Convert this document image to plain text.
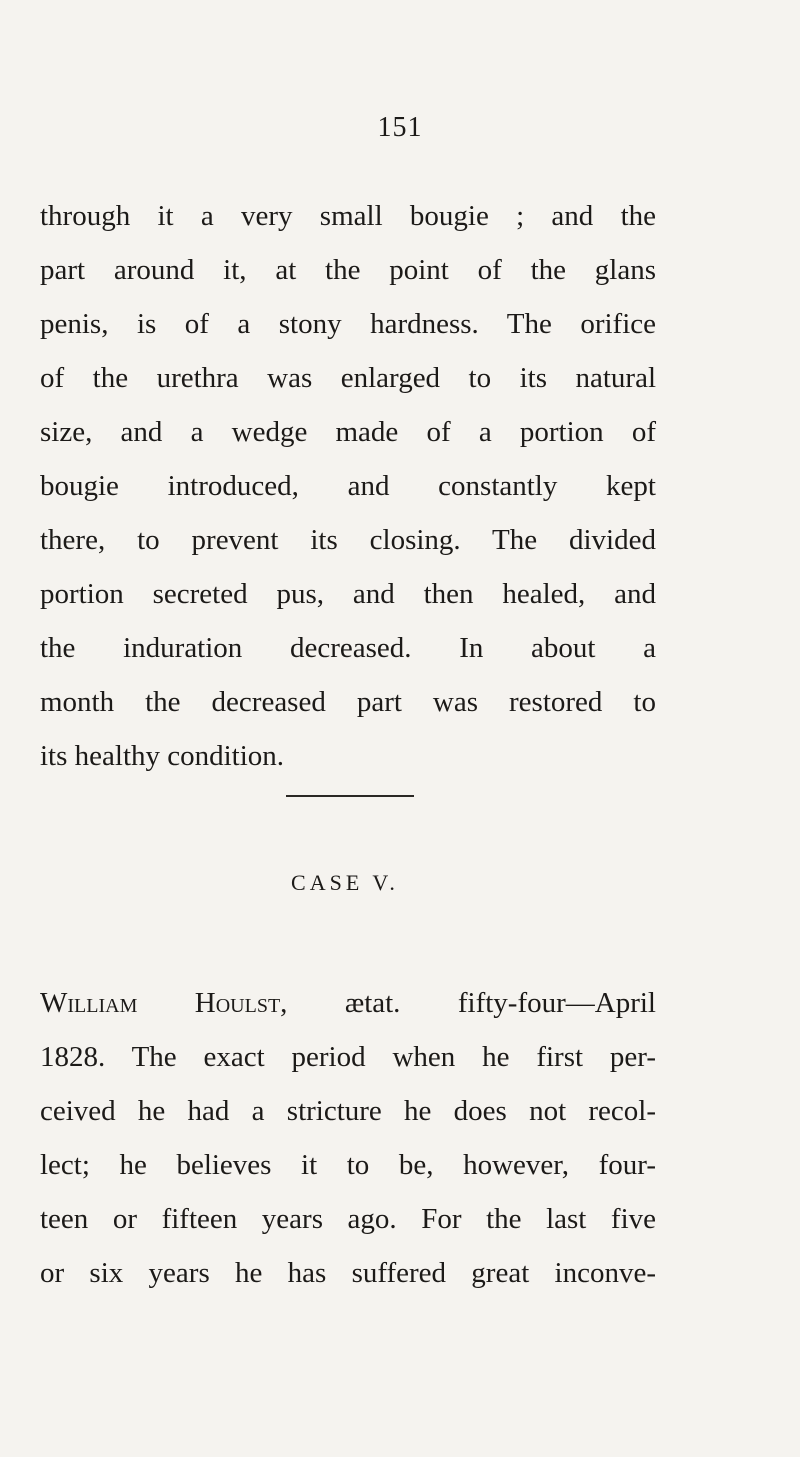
151
through it a very small bougie ; and the
part around it, at the point of the glans
penis, is of a stony hardness. The orifice
of the urethra was enlarged to its natural
size, and a wedge made of a portion of
bougie introduced, and constantly kept
there, to prevent its closing. The divided
portion secreted pus, and then healed, and
the induration decreased. In about a
month the decreased part was restored to
its healthy condition.
CASE V.
William Houlst, ætat. fifty-four—April
1828. The exact period when he first per-
ceived he had a stricture he does not recol-
lect; he believes it to be, however, four-
teen or fifteen years ago. For the last five
or six years he has suffered great inconve-
